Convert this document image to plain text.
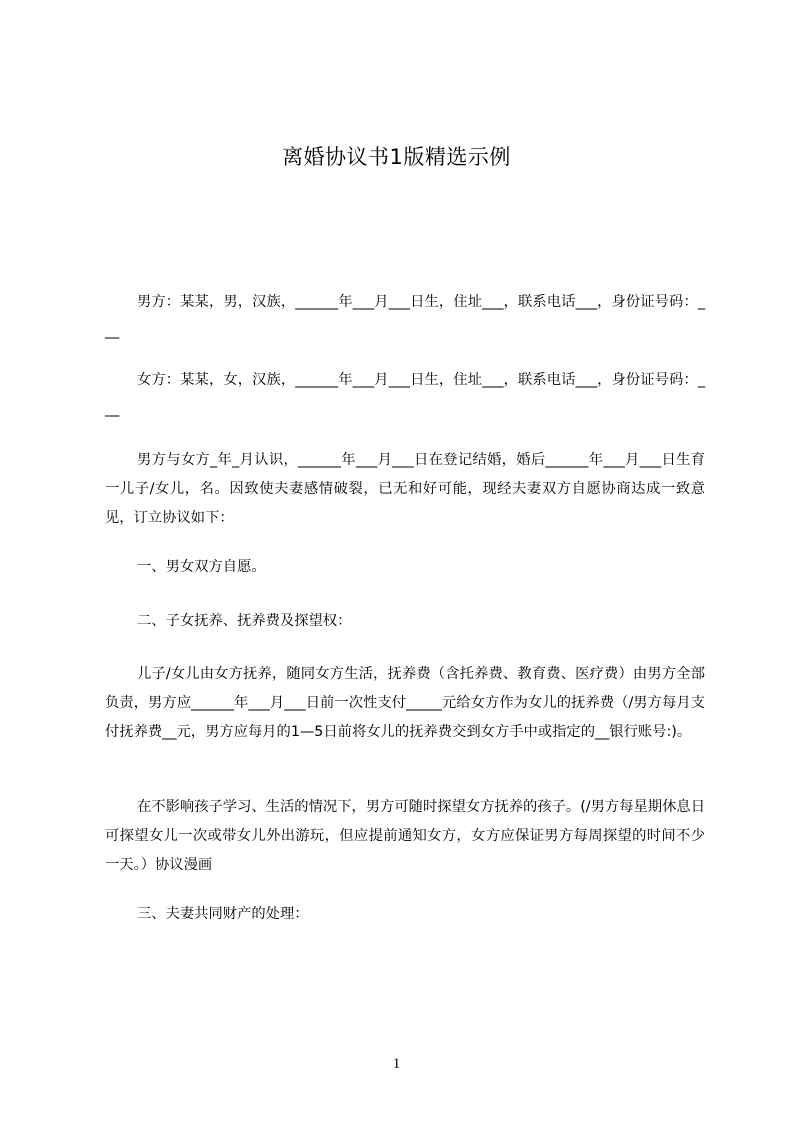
离婚协议书1版精选示例
男方：某某，男，汉族，______年___月___日生，住址___，联系电话___，身份证号码：___
女方：某某，女，汉族，______年___月___日生，住址___，联系电话___，身份证号码：___
男方与女方_年_月认识，______年___月___日在登记结婚，婚后______年___月___日生育一儿子/女儿，名。因致使夫妻感情破裂，已无和好可能，现经夫妻双方自愿协商达成一致意见，订立协议如下：
一、男女双方自愿。
二、子女抚养、抚养费及探望权：
儿子/女儿由女方抚养，随同女方生活，抚养费（含托养费、教育费、医疗费）由男方全部负责，男方应______年___月___日前一次性支付_____元给女方作为女儿的抚养费（/男方每月支付抚养费__元，男方应每月的1—5日前将女儿的抚养费交到女方手中或指定的__银行账号:)。
在不影响孩子学习、生活的情况下，男方可随时探望女方抚养的孩子。(/男方每星期休息日可探望女儿一次或带女儿外出游玩，但应提前通知女方，女方应保证男方每周探望的时间不少一天。）协议漫画
三、夫妻共同财产的处理：
1
